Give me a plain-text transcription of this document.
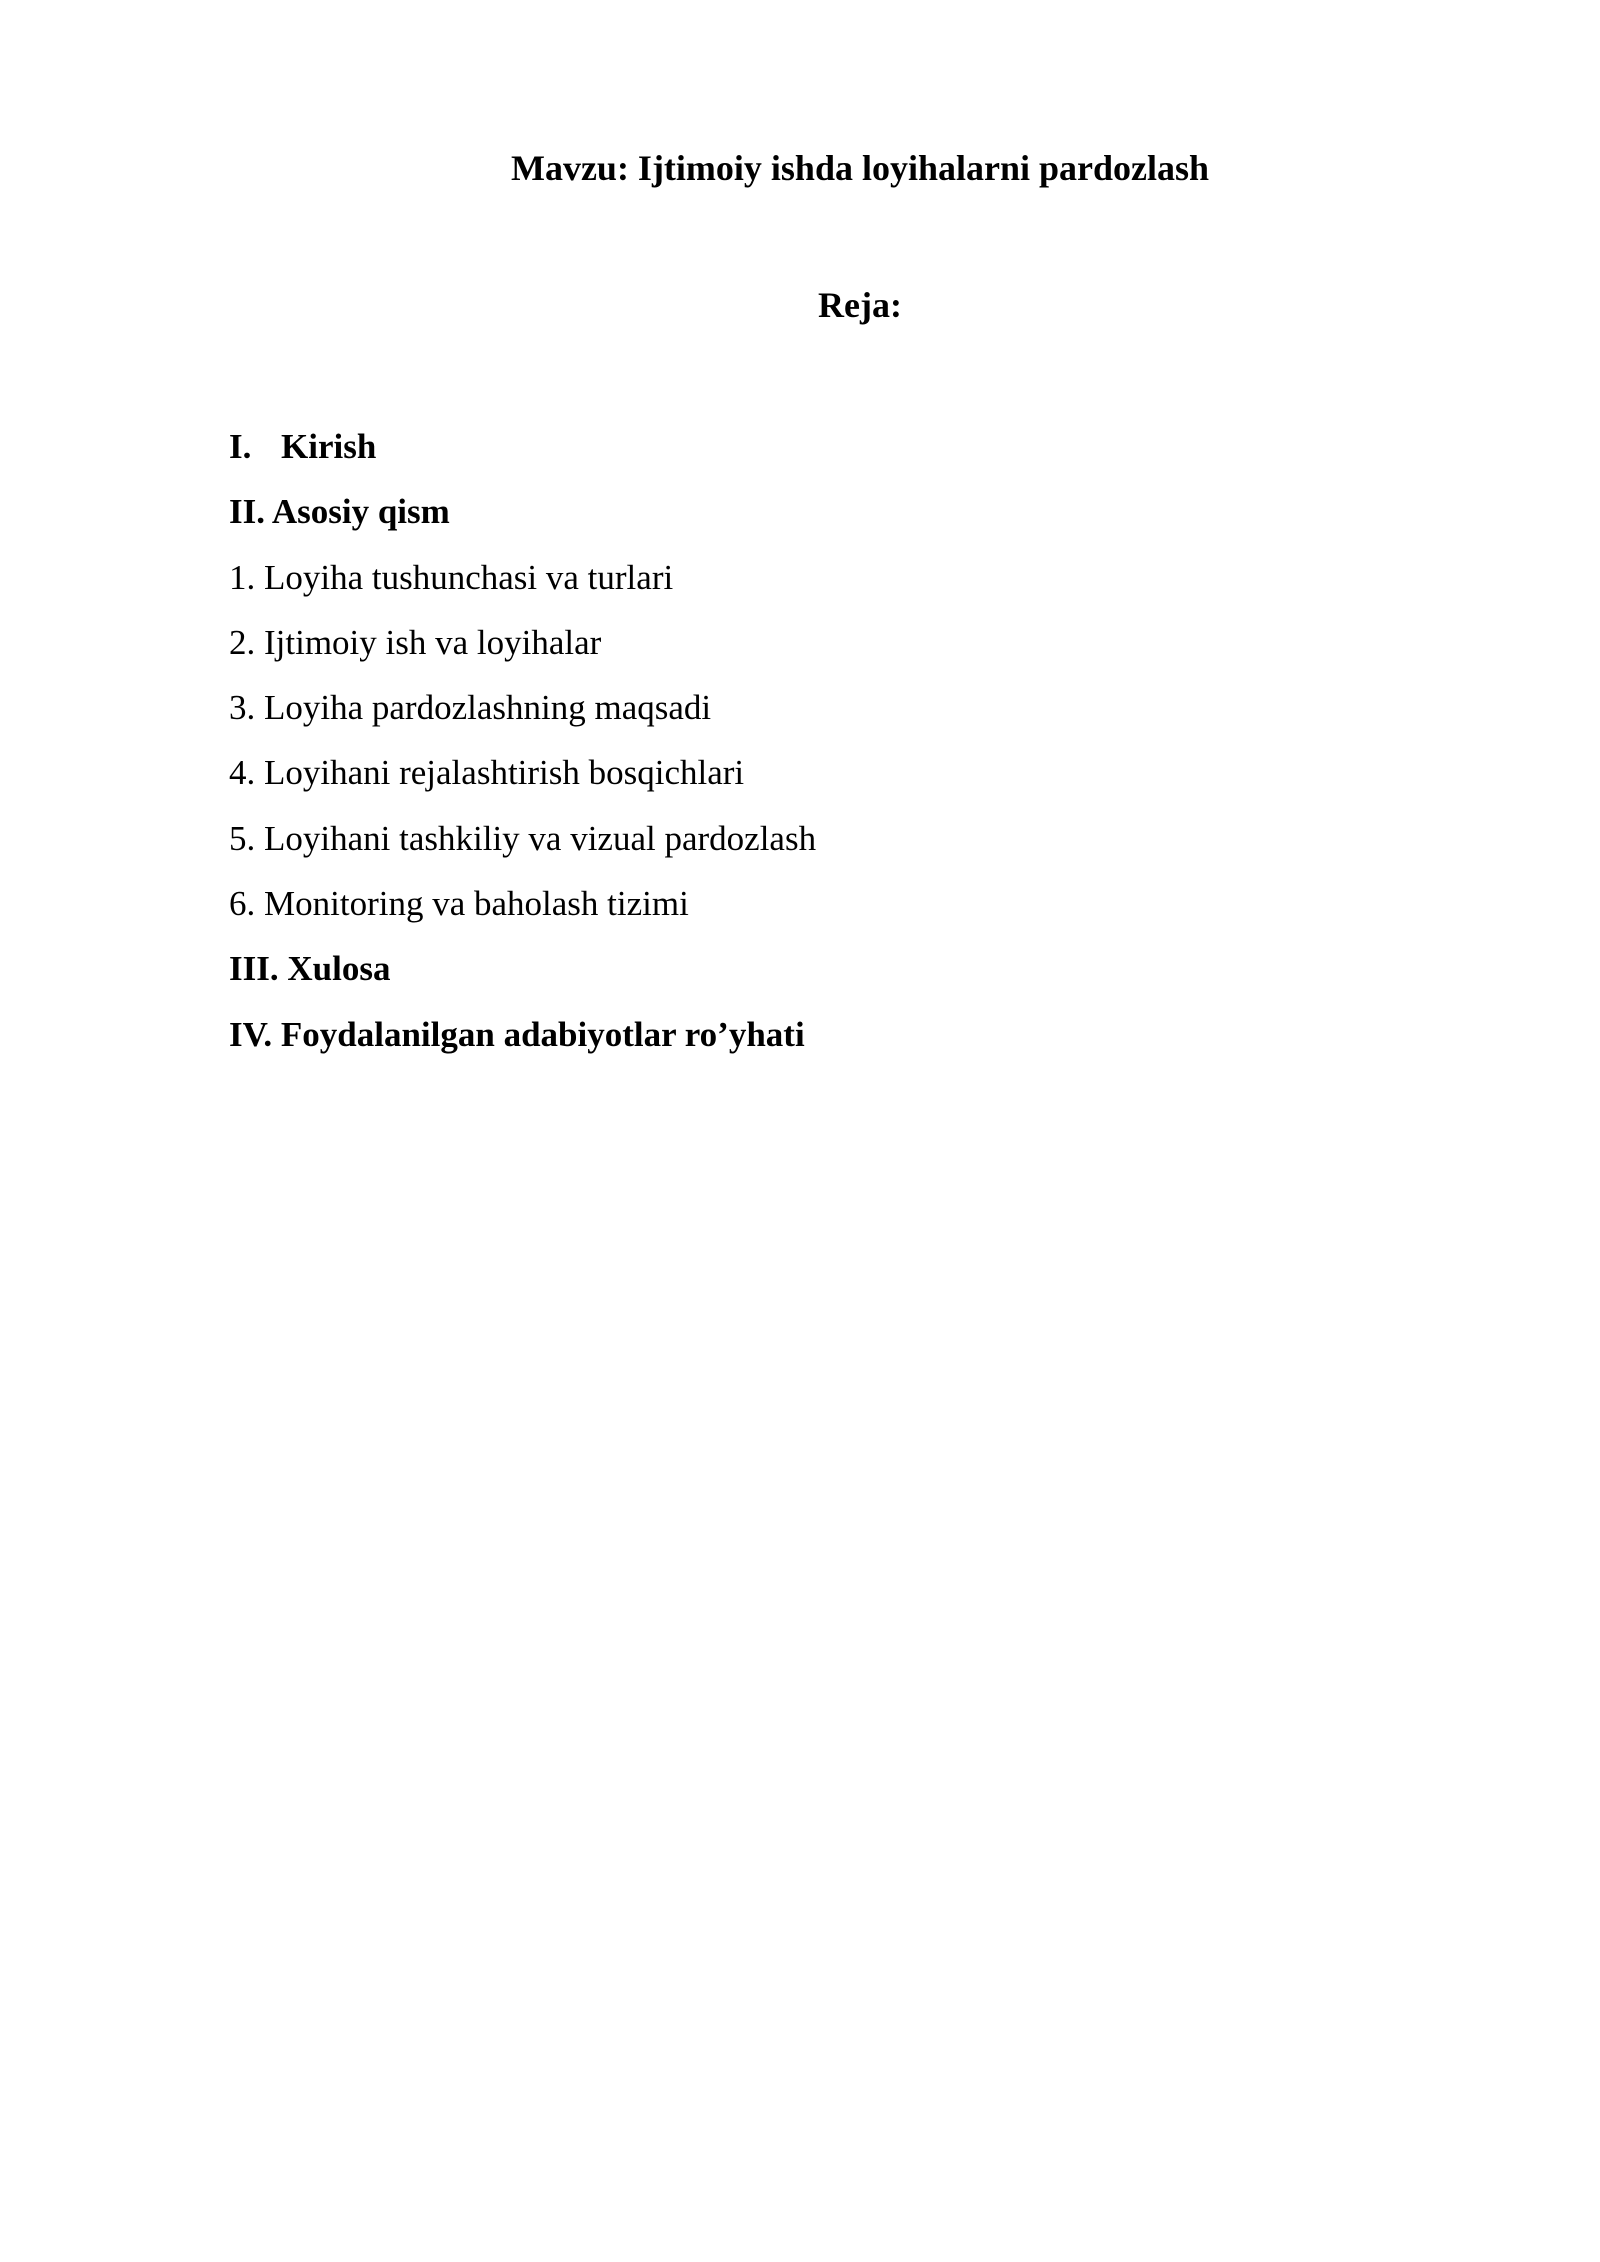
Mavzu: Ijtimoiy ishda loyihalarni pardozlash
Reja:
I. Kirish
II. Asosiy qism
1. Loyiha tushunchasi va turlari
2. Ijtimoiy ish va loyihalar
3. Loyiha pardozlashning maqsadi
4. Loyihani rejalashtirish bosqichlari
5. Loyihani tashkiliy va vizual pardozlash
6. Monitoring va baholash tizimi
III. Xulosa
IV. Foydalanilgan adabiyotlar ro’yhati
